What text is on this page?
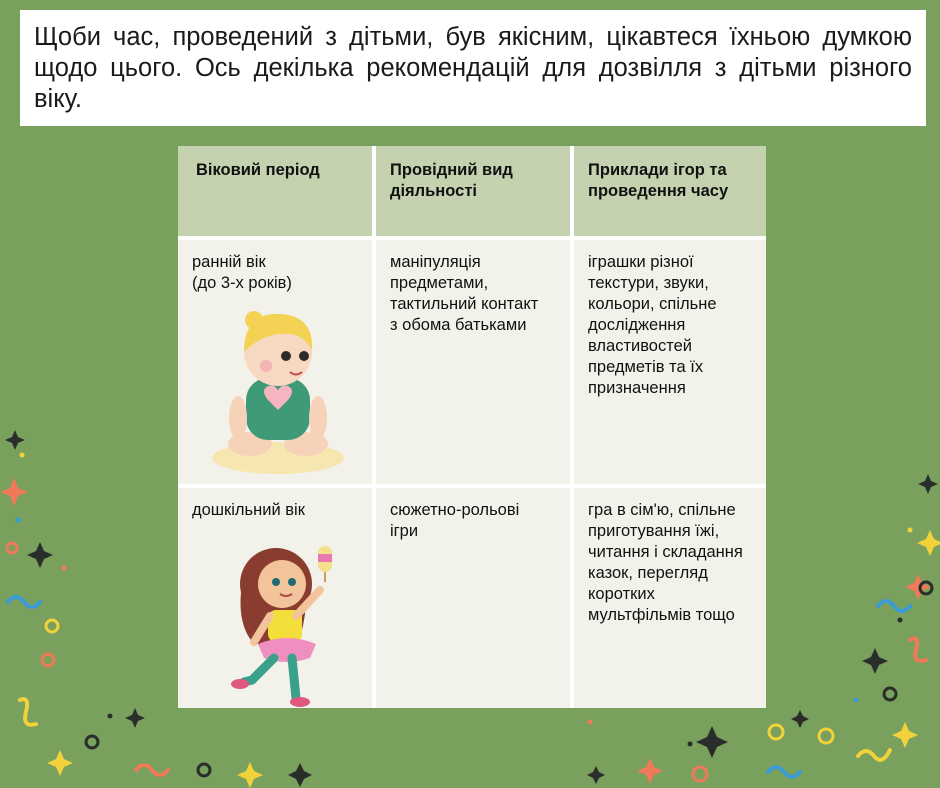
Щоби час, проведений з дітьми, був якісним, цікавтеся їхньою думкою щодо цього. Ось декілька рекомендацій для дозвілля з дітьми різного віку.
Віковий період	Провідний вид діяльності
Приклади ігор та проведення часу
ранній вік
(до 3-х років)
маніпуляція предметами, тактильний контакт з обома батьками
іграшки різної текстури, звуки, кольори, спільне дослідження властивостей предметів та їх призначення
дошкільний вік	сюжетно-рольові ігри
гра в сім'ю, спільне приготування їжі, читання і складання казок, перегляд коротких мультфільмів тощо
